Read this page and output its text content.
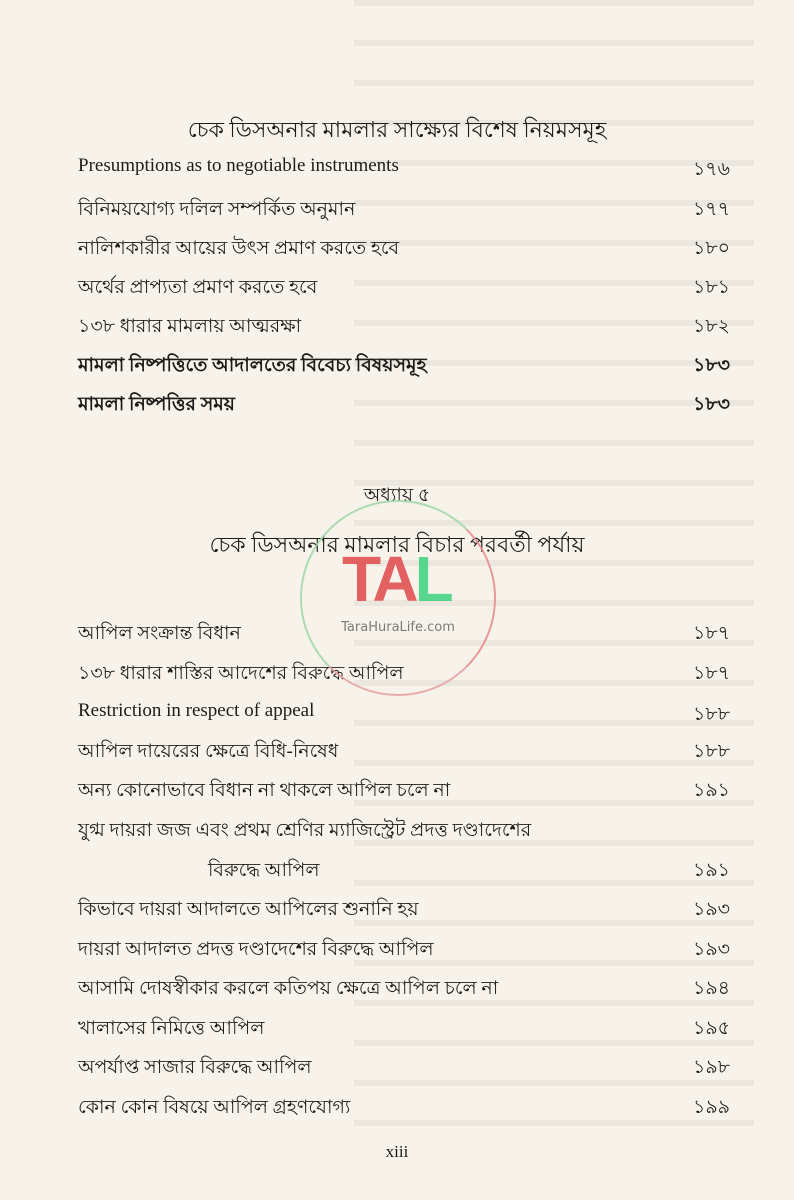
চেক ডিসঅনার মামলার সাক্ষ্যের বিশেষ নিয়মসমূহ
Presumptions as to negotiable instruments	১৭৬
বিনিময়যোগ্য দলিল সম্পর্কিত অনুমান	১৭৭
নালিশকারীর আয়ের উৎস প্রমাণ করতে হবে	১৮০
অর্থের প্রাপ্যতা প্রমাণ করতে হবে	১৮১
১৩৮ ধারার মামলায় আত্মরক্ষা	১৮২
মামলা নিষ্পত্তিতে আদালতের বিবেচ্য বিষয়সমূহ	১৮৩
মামলা নিষ্পত্তির সময়	১৮৩
অধ্যায় ৫
চেক ডিসঅনার মামলার বিচার পরবর্তী পর্যায়
আপিল সংক্রান্ত বিধান	১৮৭
১৩৮ ধারার শাস্তির আদেশের বিরুদ্ধে আপিল	১৮৭
Restriction in respect of appeal	১৮৮
আপিল দায়েরের ক্ষেত্রে বিধি-নিষেধ	১৮৮
অন্য কোনোভাবে বিধান না থাকলে আপিল চলে না	১৯১
যুগ্ম দায়রা জজ এবং প্রথম শ্রেণির ম্যাজিস্ট্রেট প্রদত্ত দণ্ডাদেশের
বিরুদ্ধে আপিল	১৯১
কিভাবে দায়রা আদালতে আপিলের শুনানি হয়	১৯৩
দায়রা আদালত প্রদত্ত দণ্ডাদেশের বিরুদ্ধে আপিল	১৯৩
আসামি দোষস্বীকার করলে কতিপয় ক্ষেত্রে আপিল চলে না	১৯৪
খালাসের নিমিত্তে আপিল	১৯৫
অপর্যাপ্ত সাজার বিরুদ্ধে আপিল	১৯৮
কোন কোন বিষয়ে আপিল গ্রহণযোগ্য	১৯৯
TAL
TaraHuraLife.com
xiii
